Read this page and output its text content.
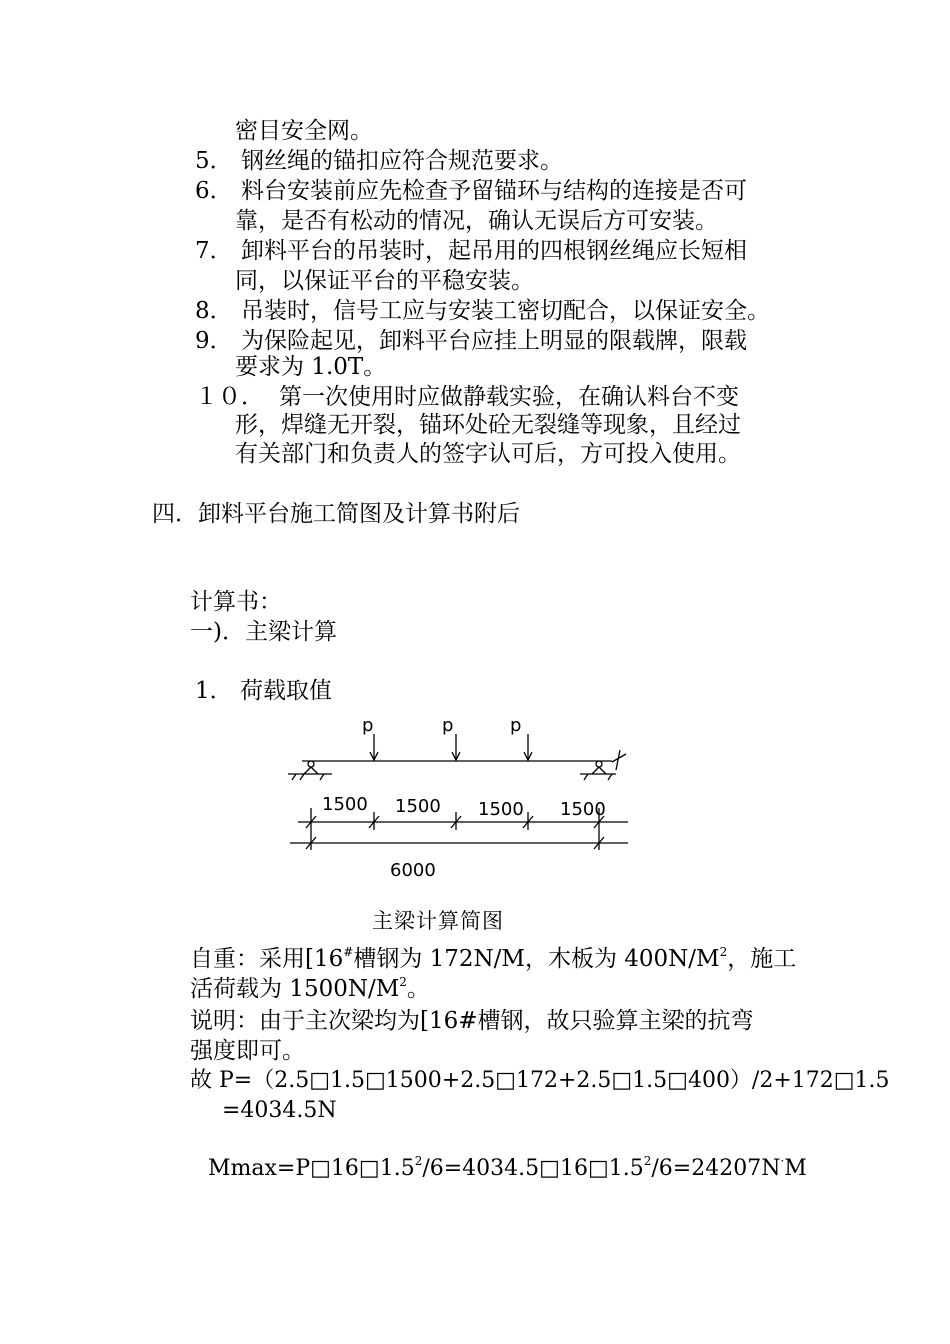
密目安全网。

5． 钢丝绳的锚扣应符合规范要求。

6． 料台安装前应先检查予留锚环与结构的连接是否可

靠，是否有松动的情况，确认无误后方可安装。

7． 卸料平台的吊装时，起吊用的四根钢丝绳应长短相

同，以保证平台的平稳安装。

8． 吊装时，信号工应与安装工密切配合，以保证安全。

9． 为保险起见，卸料平台应挂上明显的限载牌，限载

要求为 1.0T。

１０． 第一次使用时应做静载实验，在确认料台不变

形，焊缝无开裂，锚环处砼无裂缝等现象，且经过

有关部门和负责人的签字认可后，方可投入使用。

四．卸料平台施工简图及计算书附后

计算书：

一)．主梁计算

1． 荷载取值

p	p	p
1500 1500 1500 1500
6000

主梁计算简图

自重：采用[16#槽钢为 172N/M，木板为 $400N/M^2$，施工

活荷载为 $1500N/M^2$。

说明：由于主次梁均为[16#槽钢，故只验算主梁的抗弯

强度即可。

故 P=（2.5□1.5□1500+2.5□172+2.5□1.5□400）/2+172□1.5

=4034.5N

$Mmax=P□16□1.5^2/6=4034.5□16□1.5^2/6=24207N^\cdot M$
